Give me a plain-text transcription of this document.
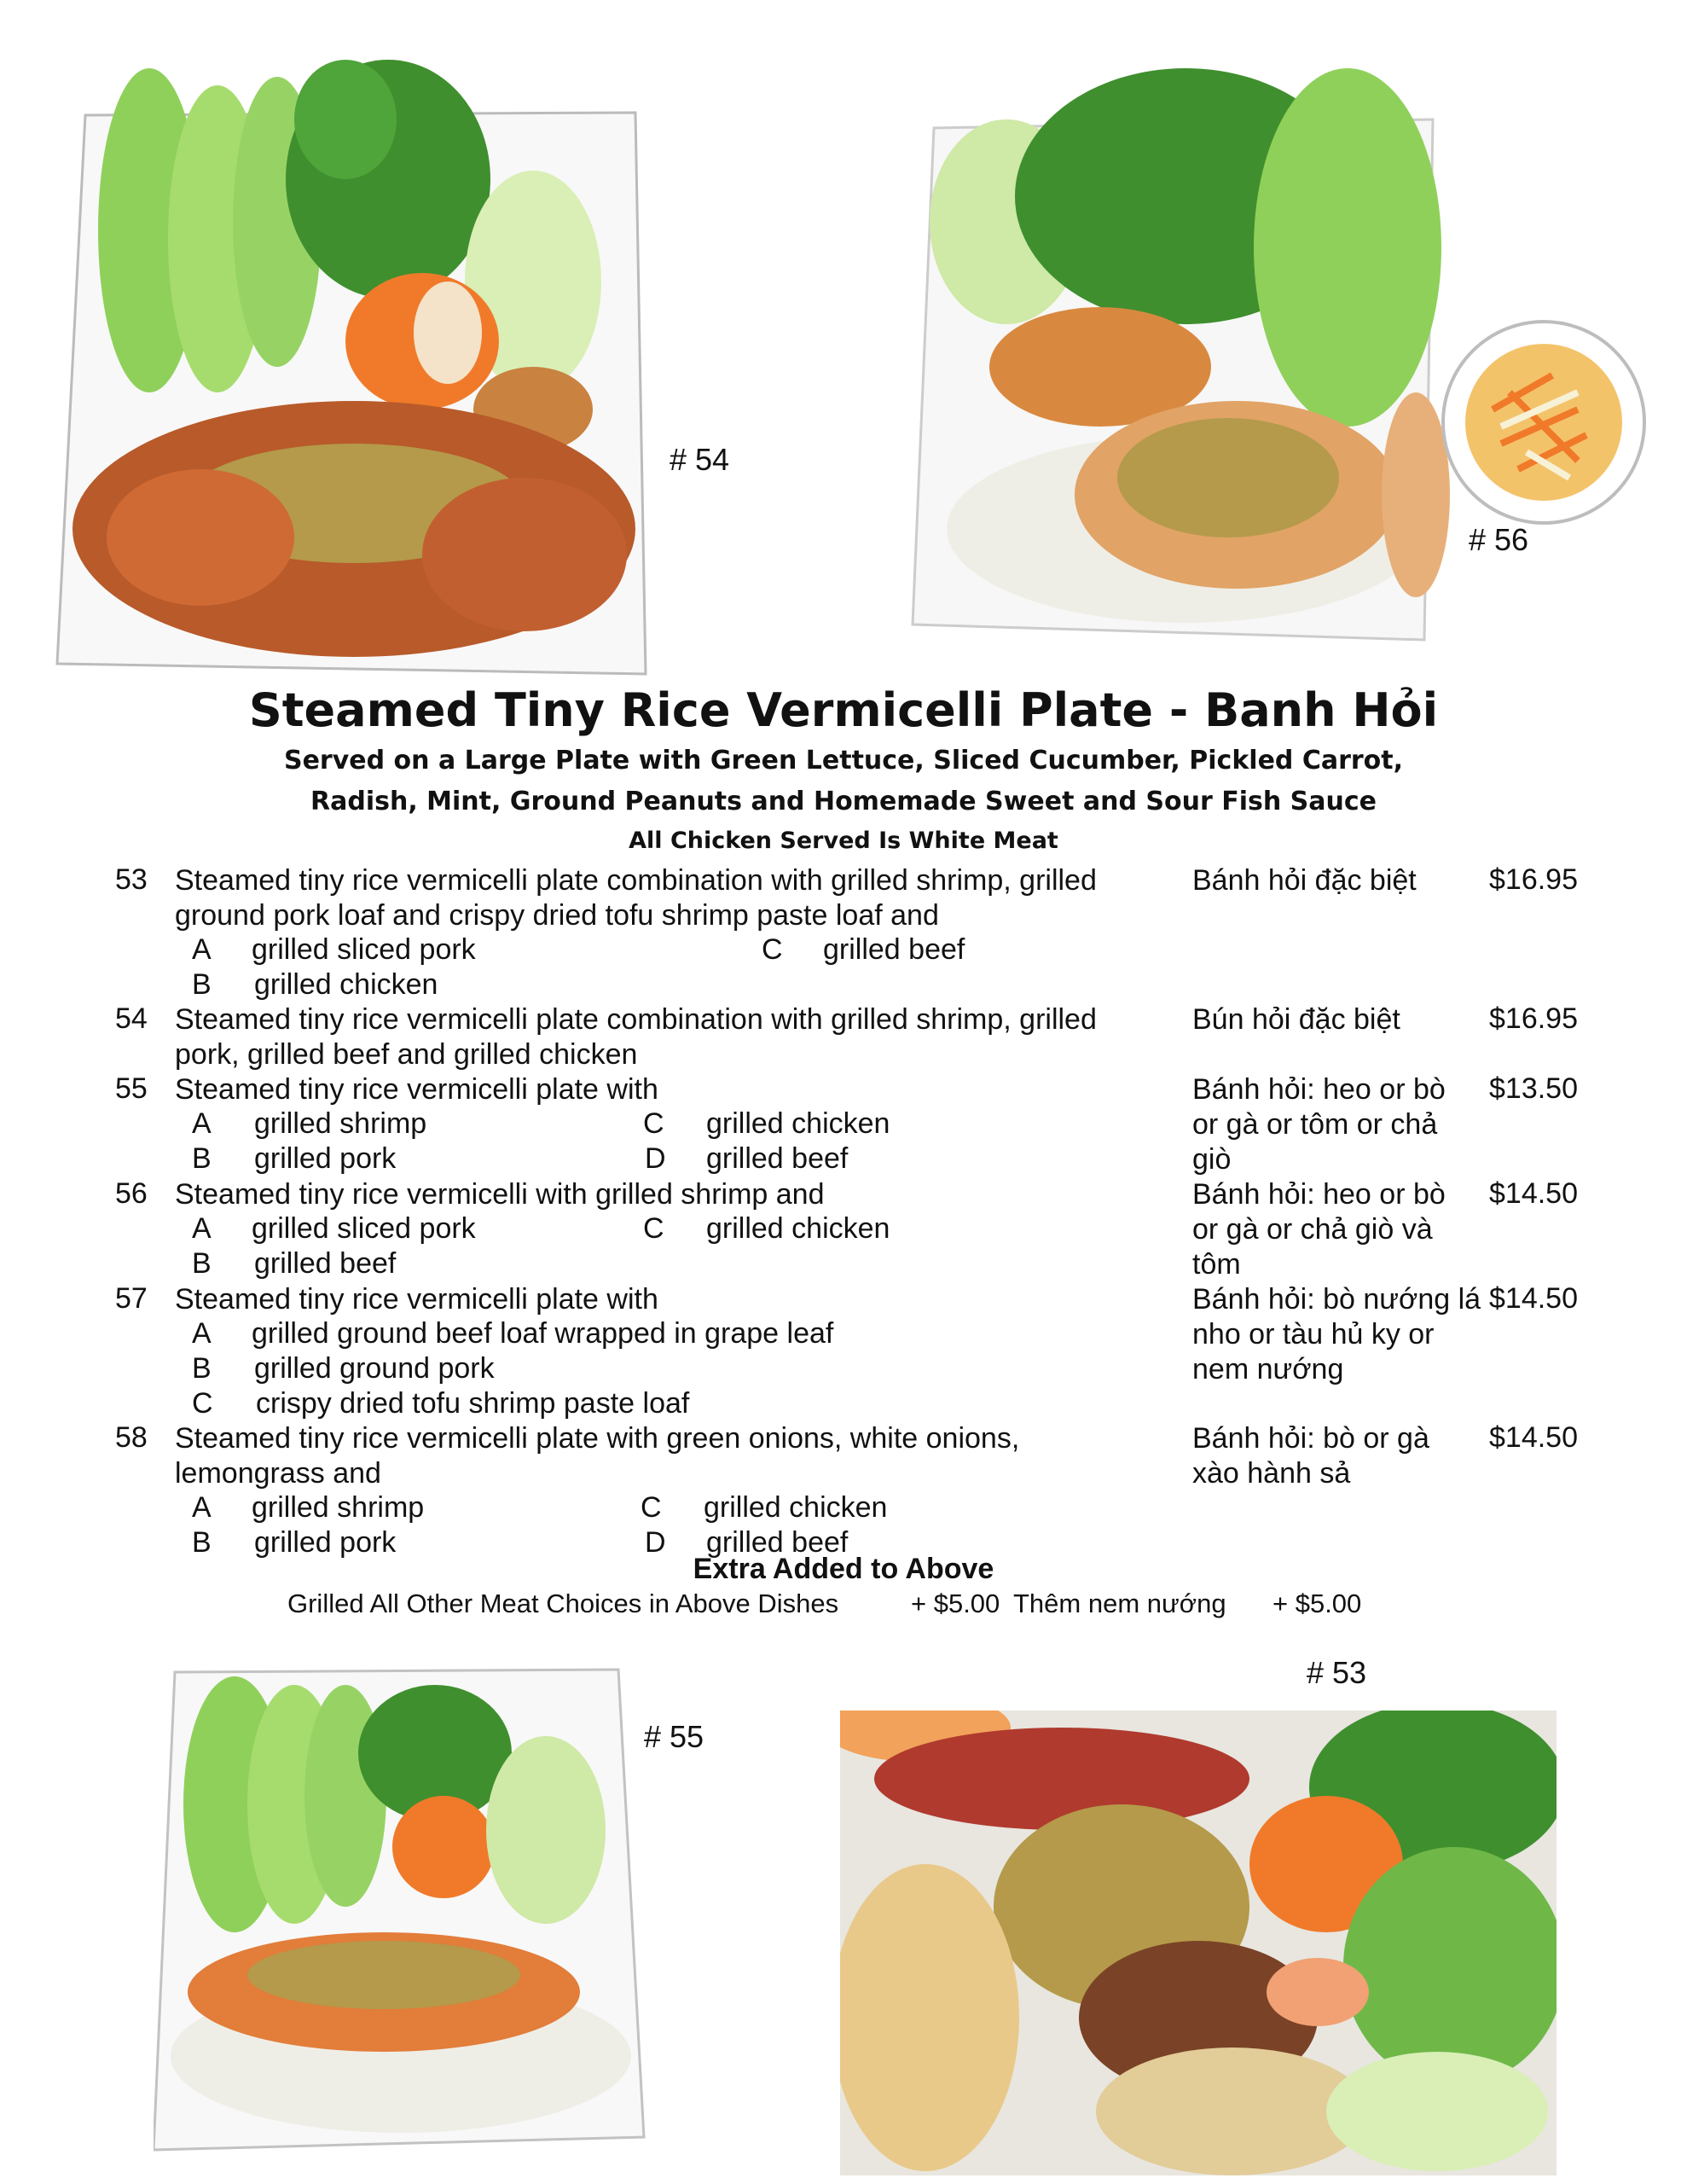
# 54
# 56
Steamed Tiny Rice Vermicelli Plate - Banh Hỏi
Served on a Large Plate with Green Lettuce, Sliced Cucumber, Pickled Carrot,
Radish, Mint, Ground Peanuts and Homemade Sweet and Sour Fish Sauce
All Chicken Served Is White Meat
53 Steamed tiny rice vermicelli plate combination with grilled shrimp, grilled
ground pork loaf and crispy dried tofu shrimp paste loaf and
A grilled sliced pork	C grilled beef
B grilled chicken
Bánh hỏi đặc biệt	$16.95
54 Steamed tiny rice vermicelli plate combination with grilled shrimp, grilled
pork, grilled beef and grilled chicken
Bún hỏi đặc biệt	$16.95
55 Steamed tiny rice vermicelli plate with
A grilled shrimp	C grilled chicken
B grilled pork	D grilled beef
Bánh hỏi: heo or bò
or gà or tôm or chả
giò
$13.50
56 Steamed tiny rice vermicelli with grilled shrimp and
A grilled sliced pork	C grilled chicken
B grilled beef
Bánh hỏi: heo or bò
or gà or chả giò và
tôm
$14.50
57 Steamed tiny rice vermicelli plate with
A grilled ground beef loaf wrapped in grape leaf
B grilled ground pork
C crispy dried tofu shrimp paste loaf
Bánh hỏi: bò nướng lá
nho or tàu hủ ky or
nem nướng
$14.50
58 Steamed tiny rice vermicelli plate with green onions, white onions,
lemongrass and
A grilled shrimp	C grilled chicken
B grilled pork	D grilled beef
Bánh hỏi: bò or gà
xào hành sả
$14.50
Extra Added to Above
Grilled All Other Meat Choices in Above Dishes	+ $5.00 Thêm nem nướng + $5.00
# 55
# 53
